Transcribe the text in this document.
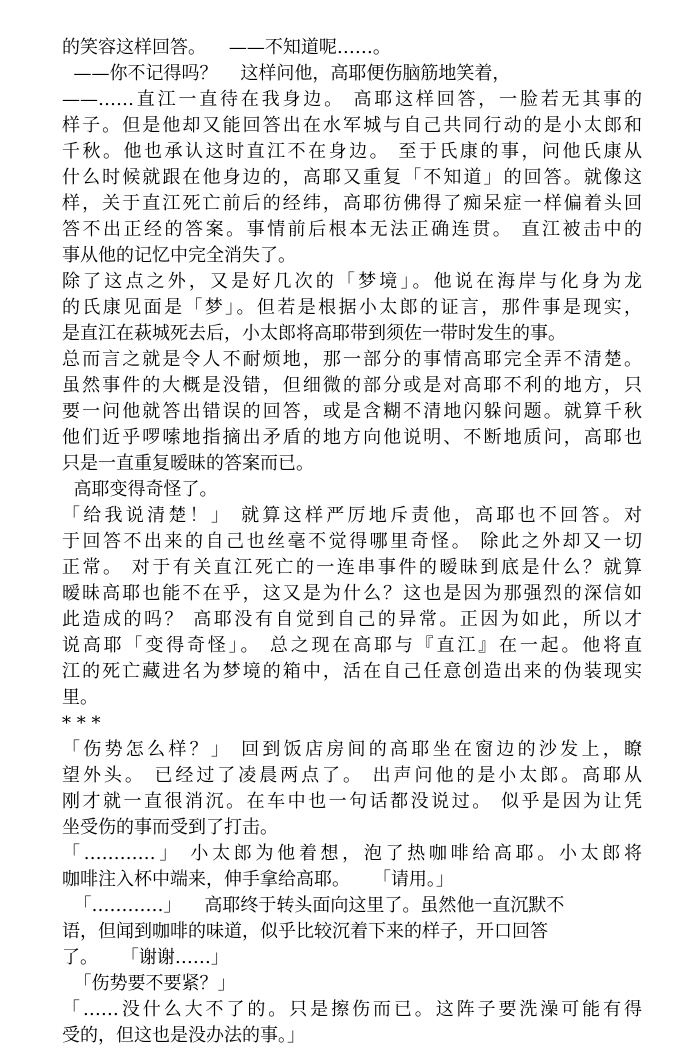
的笑容这样回答。    ——不知道呢……。
——你不记得吗？    这样问他，高耶便伤脑筋地笑着，
——……直江一直待在我身边。 高耶这样回答，一脸若无其事的
样子。但是他却又能回答出在水军城与自己共同行动的是小太郎和
千秋。他也承认这时直江不在身边。 至于氏康的事，问他氏康从
什么时候就跟在他身边的，高耶又重复「不知道」的回答。就像这
样，关于直江死亡前后的经纬，高耶彷佛得了痴呆症一样偏着头回
答不出正经的答案。事情前后根本无法正确连贯。 直江被击中的
事从他的记忆中完全消失了。
除了这点之外，又是好几次的「梦境」。他说在海岸与化身为龙
的氏康见面是「梦」。但若是根据小太郎的证言，那件事是现实，
是直江在萩城死去后，小太郎将高耶带到须佐一带时发生的事。
总而言之就是令人不耐烦地，那一部分的事情高耶完全弄不清楚。
虽然事件的大概是没错，但细微的部分或是对高耶不利的地方，只
要一问他就答出错误的回答，或是含糊不清地闪躲问题。就算千秋
他们近乎啰嗦地指摘出矛盾的地方向他说明、不断地质问，高耶也
只是一直重复暧昧的答案而已。
高耶变得奇怪了。
「给我说清楚！」 就算这样严厉地斥责他，高耶也不回答。对
于回答不出来的自己也丝毫不觉得哪里奇怪。 除此之外却又一切
正常。 对于有关直江死亡的一连串事件的暧昧到底是什么？就算
暧昧高耶也能不在乎，这又是为什么？这也是因为那强烈的深信如
此造成的吗？ 高耶没有自觉到自己的异常。正因为如此，所以才
说高耶「变得奇怪」。 总之现在高耶与『直江』在一起。他将直
江的死亡藏进名为梦境的箱中，活在自己任意创造出来的伪装现实
里。
* * *
「伤势怎么样？」 回到饭店房间的高耶坐在窗边的沙发上，瞭
望外头。 已经过了凌晨两点了。 出声问他的是小太郎。高耶从
刚才就一直很消沉。在车中也一句话都没说过。 似乎是因为让凭
坐受伤的事而受到了打击。
「…………」 小太郎为他着想，泡了热咖啡给高耶。小太郎将
咖啡注入杯中端来，伸手拿给高耶。    「请用。」
「…………」    高耶终于转头面向这里了。虽然他一直沉默不
语，但闻到咖啡的味道，似乎比较沉着下来的样子，开口回答
了。    「谢谢……」
「伤势要不要紧？」
「……没什么大不了的。只是擦伤而已。这阵子要洗澡可能有得
受的，但这也是没办法的事。」
